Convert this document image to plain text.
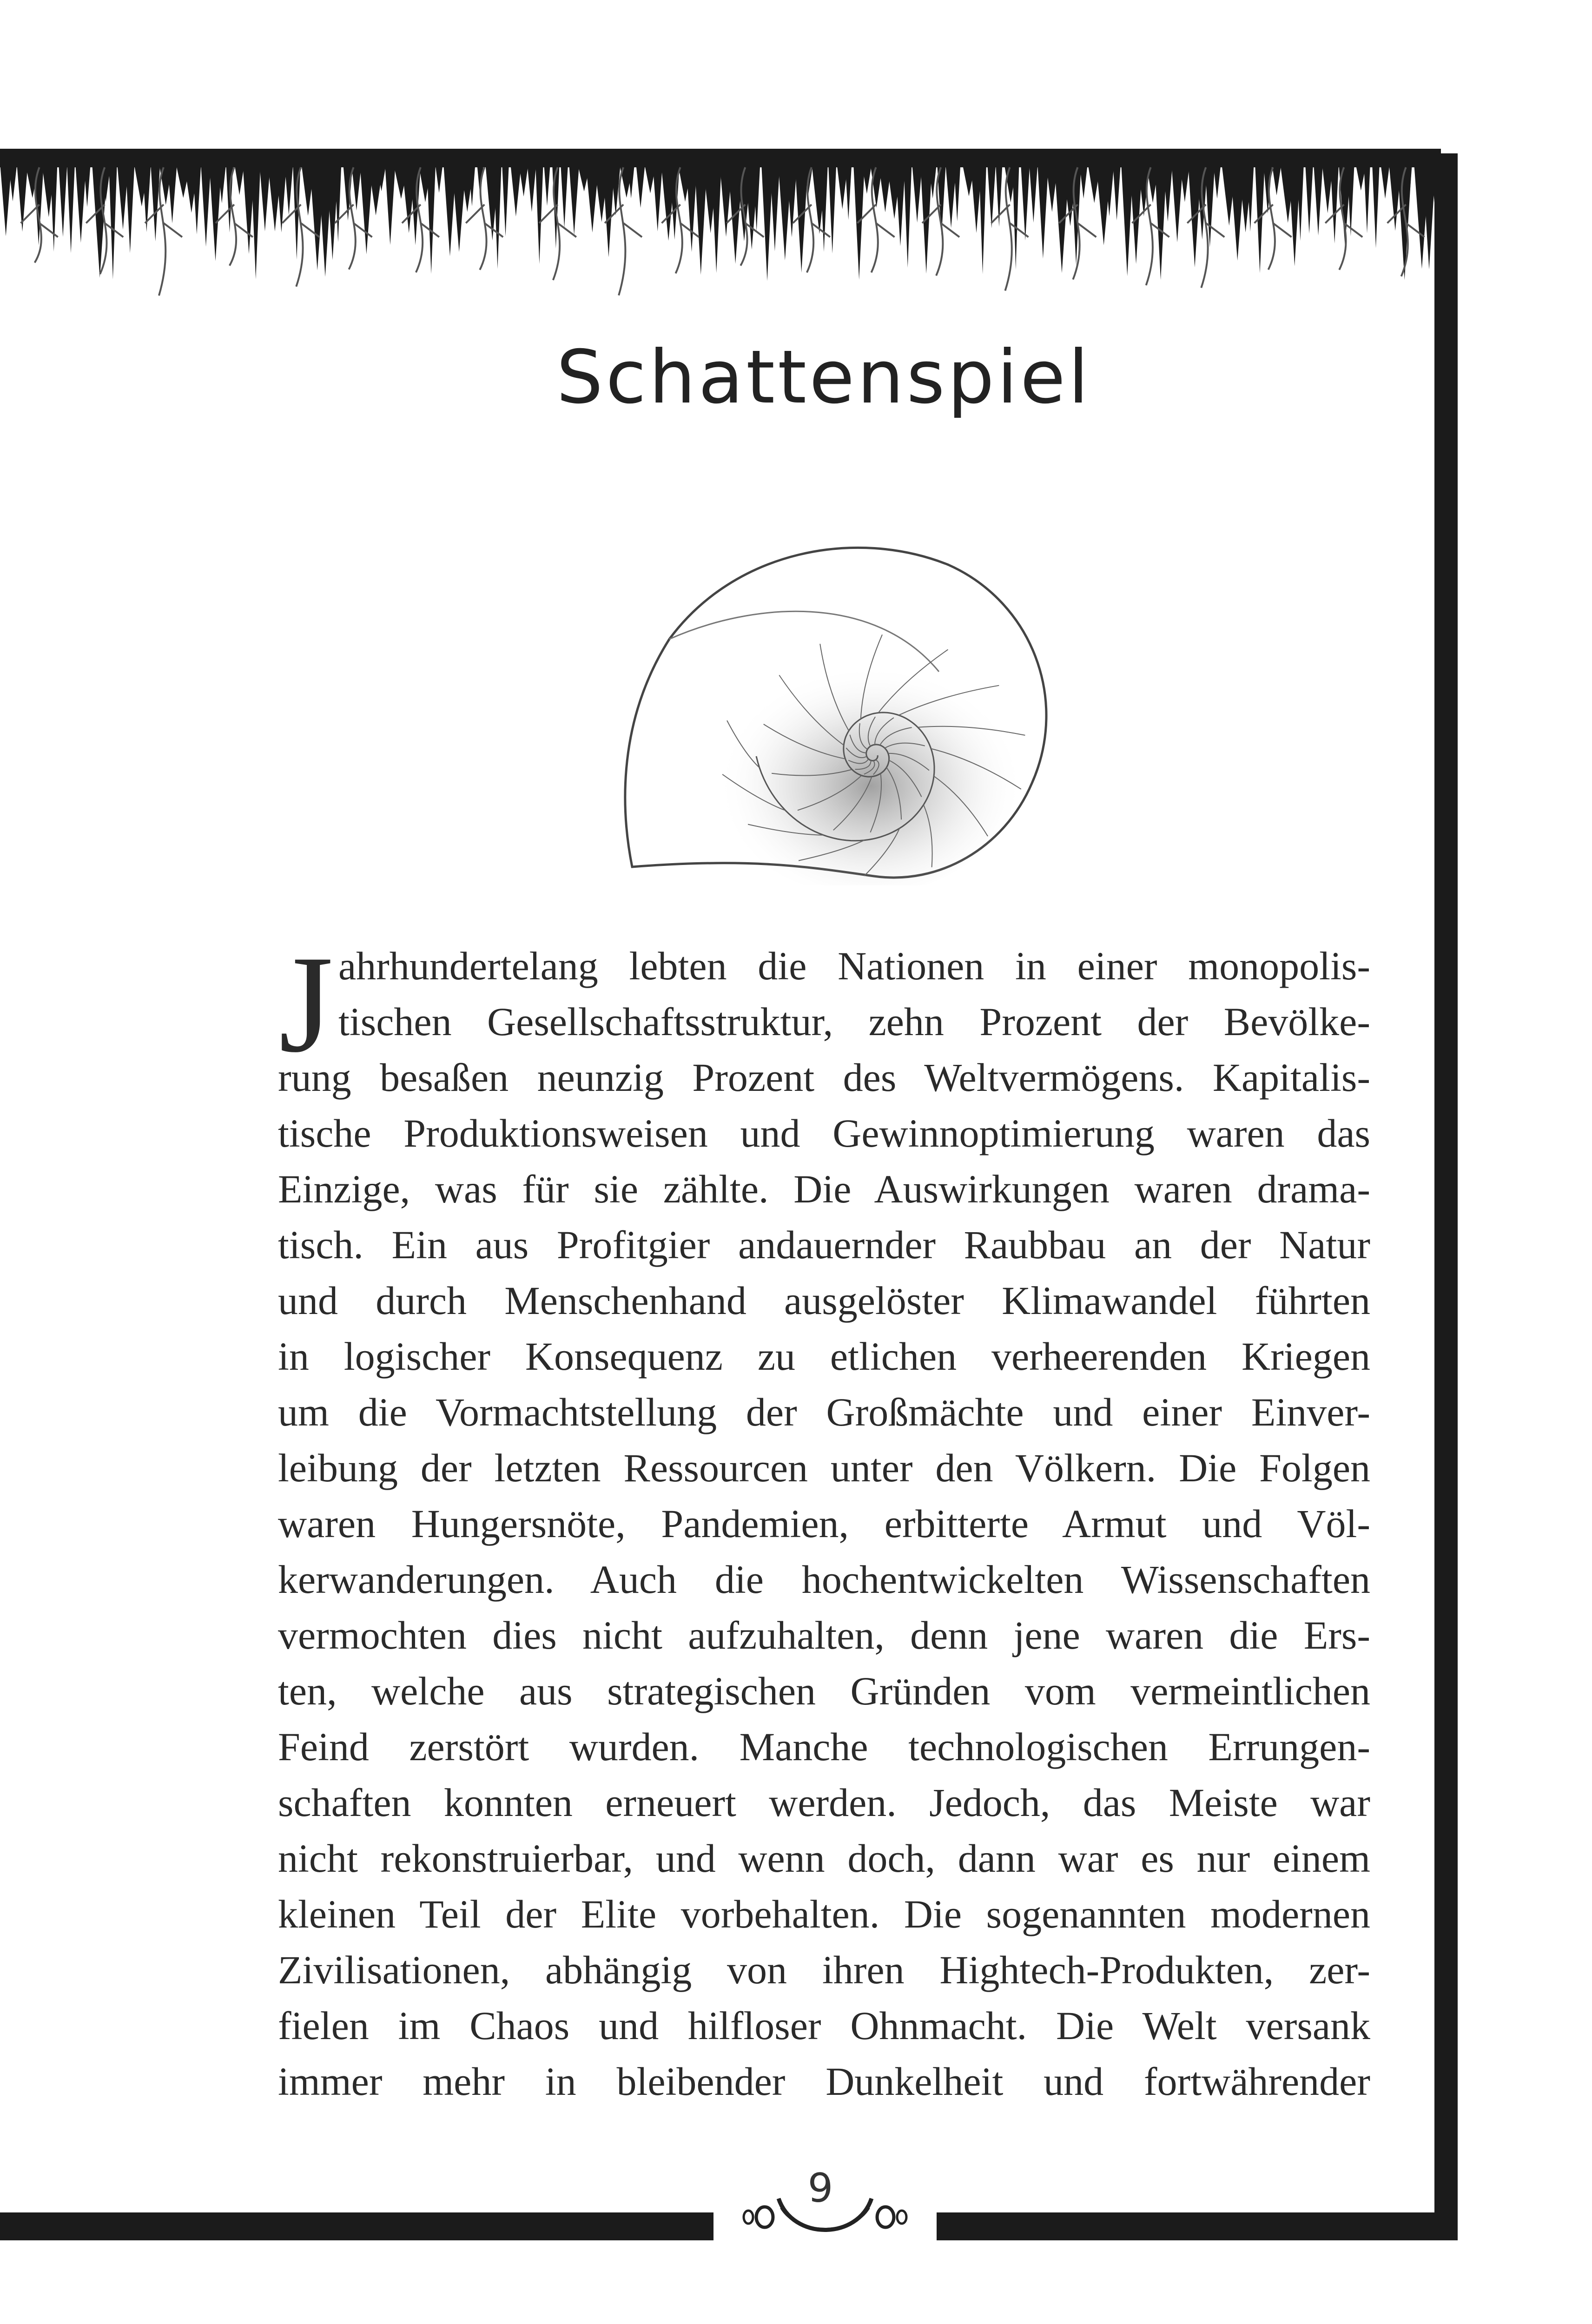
Schattenspiel
J ahrhundertelang lebten die Nationen in einer monopolis-
tischen Gesellschaftsstruktur, zehn Prozent der Bevölke-
rung besaßen neunzig Prozent des Weltvermögens. Kapitalis-
tische Produktionsweisen und Gewinnoptimierung waren das
Einzige, was für sie zählte. Die Auswirkungen waren drama-
tisch. Ein aus Profitgier andauernder Raubbau an der Natur
und durch Menschenhand ausgelöster Klimawandel führten
in logischer Konsequenz zu etlichen verheerenden Kriegen
um die Vormachtstellung der Großmächte und einer Einver-
leibung der letzten Ressourcen unter den Völkern. Die Folgen
waren Hungersnöte, Pandemien, erbitterte Armut und Völ-
kerwanderungen. Auch die hochentwickelten Wissenschaften
vermochten dies nicht aufzuhalten, denn jene waren die Ers-
ten, welche aus strategischen Gründen vom vermeintlichen
Feind zerstört wurden. Manche technologischen Errungen-
schaften konnten erneuert werden. Jedoch, das Meiste war
nicht rekonstruierbar, und wenn doch, dann war es nur einem
kleinen Teil der Elite vorbehalten. Die sogenannten modernen
Zivilisationen, abhängig von ihren Hightech-Produkten, zer-
fielen im Chaos und hilfloser Ohnmacht. Die Welt versank
immer mehr in bleibender Dunkelheit und fortwährender
9
